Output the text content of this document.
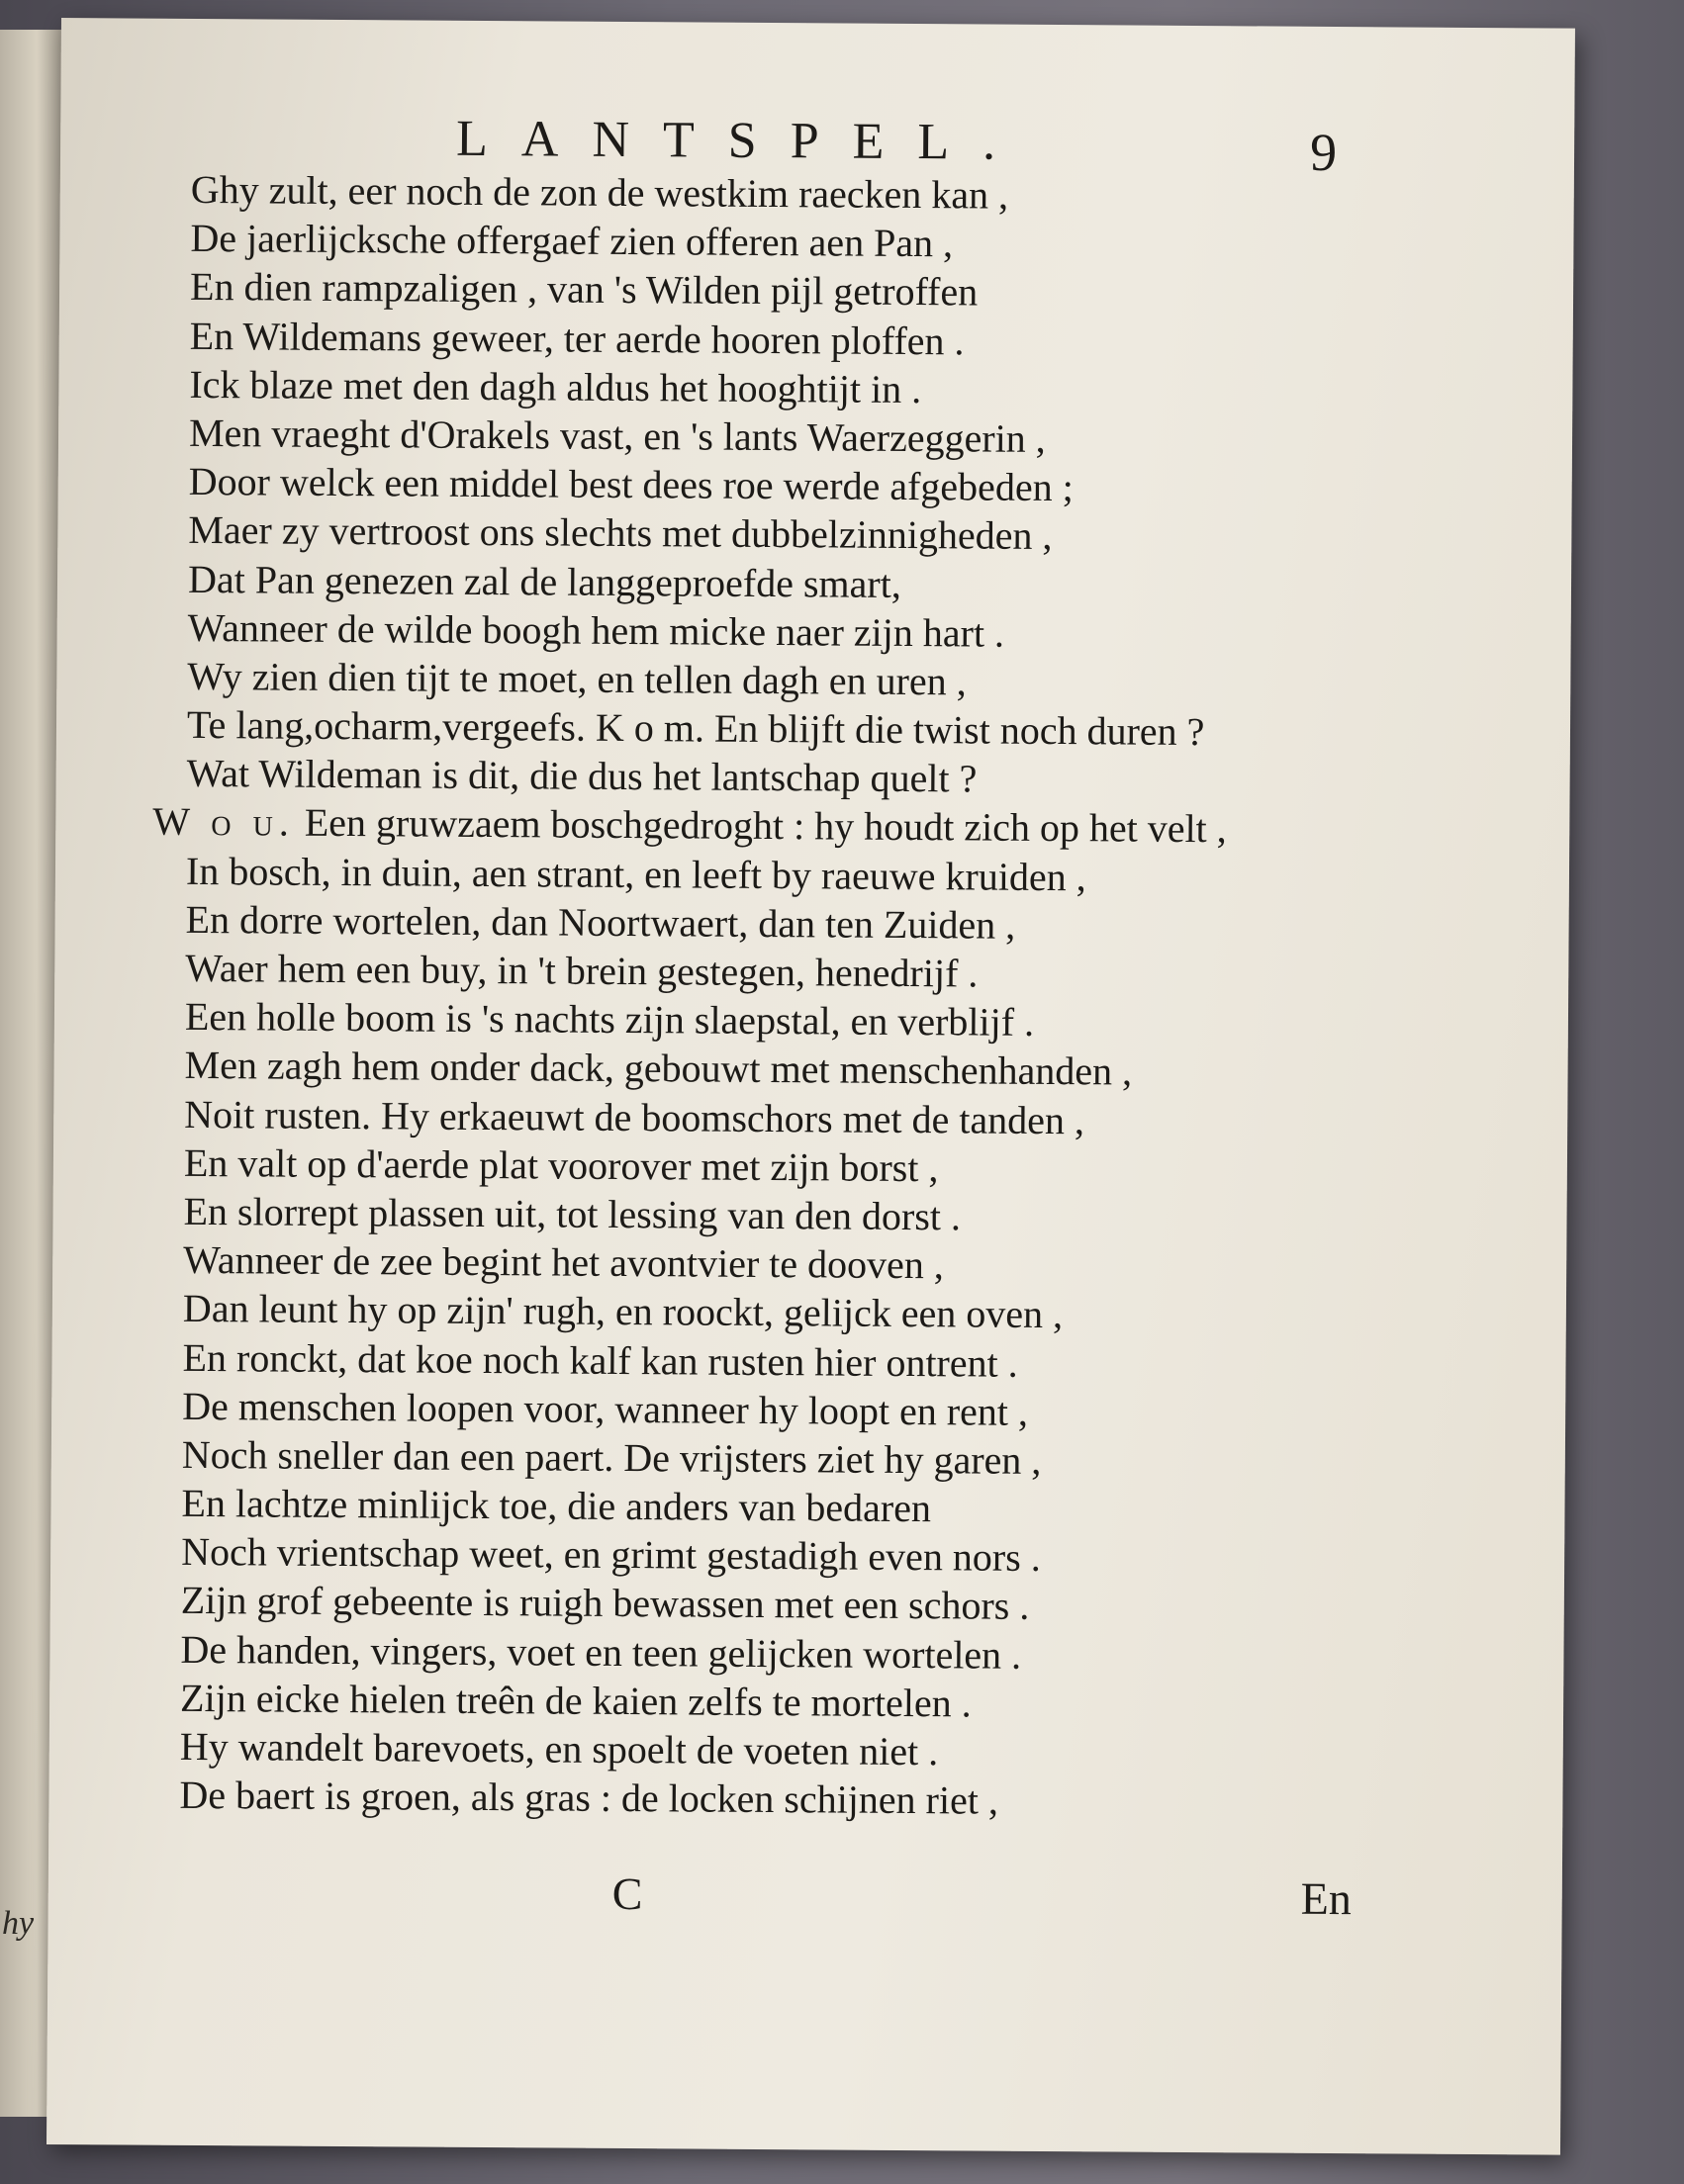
hy
LANTSPEL.	9
Ghy zult, eer noch de zon de westkim raecken kan ,
De jaerlijcksche offergaef zien offeren aen Pan ,
En dien rampzaligen , van 's Wilden pijl getroffen
En Wildemans geweer, ter aerde hooren ploffen .
Ick blaze met den dagh aldus het hooghtijt in .
Men vraeght d'Orakels vast, en 's lants Waerzeggerin ,
Door welck een middel best dees roe werde afgebeden ;
Maer zy vertroost ons slechts met dubbelzinnigheden ,
Dat Pan genezen zal de langgeproefde smart,
Wanneer de wilde boogh hem micke naer zijn hart .
Wy zien dien tijt te moet, en tellen dagh en uren ,
Te lang,ocharm,vergeefs. K o m. En blijft die twist noch duren ?
Wat Wildeman is dit, die dus het lantschap quelt ?
W o u. Een gruwzaem boschgedroght : hy houdt zich op het velt ,
In bosch, in duin, aen strant, en leeft by raeuwe kruiden ,
En dorre wortelen, dan Noortwaert, dan ten Zuiden ,
Waer hem een buy, in 't brein gestegen, henedrijf .
Een holle boom is 's nachts zijn slaepstal, en verblijf .
Men zagh hem onder dack, gebouwt met menschenhanden ,
Noit rusten. Hy erkaeuwt de boomschors met de tanden ,
En valt op d'aerde plat voorover met zijn borst ,
En slorrept plassen uit, tot lessing van den dorst .
Wanneer de zee begint het avontvier te dooven ,
Dan leunt hy op zijn' rugh, en roockt, gelijck een oven ,
En ronckt, dat koe noch kalf kan rusten hier ontrent .
De menschen loopen voor, wanneer hy loopt en rent ,
Noch sneller dan een paert. De vrijsters ziet hy garen ,
En lachtze minlijck toe, die anders van bedaren
Noch vrientschap weet, en grimt gestadigh even nors .
Zijn grof gebeente is ruigh bewassen met een schors .
De handen, vingers, voet en teen gelijcken wortelen .
Zijn eicke hielen treên de kaien zelfs te mortelen .
Hy wandelt barevoets, en spoelt de voeten niet .
De baert is groen, als gras : de locken schijnen riet ,
C	En
